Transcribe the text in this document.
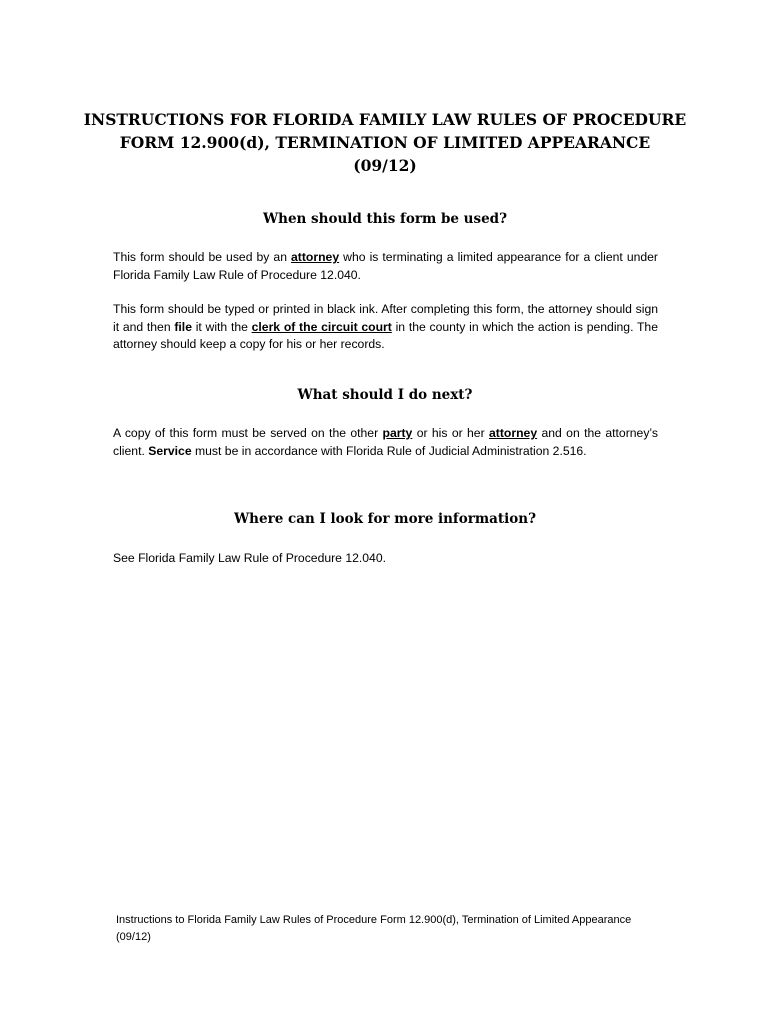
INSTRUCTIONS FOR FLORIDA FAMILY LAW RULES OF PROCEDURE
FORM 12.900(d), TERMINATION OF LIMITED APPEARANCE
(09/12)
When should this form be used?

This form should be used by an attorney who is terminating a limited appearance for a client under Florida Family Law Rule of Procedure 12.040.

This form should be typed or printed in black ink. After completing this form, the attorney should sign it and then file it with the clerk of the circuit court in the county in which the action is pending. The attorney should keep a copy for his or her records.

What should I do next?

A copy of this form must be served on the other party or his or her attorney and on the attorney’s client. Service must be in accordance with Florida Rule of Judicial Administration 2.516.

Where can I look for more information?

See Florida Family Law Rule of Procedure 12.040.

Instructions to Florida Family Law Rules of Procedure Form 12.900(d), Termination of Limited Appearance
(09/12)
